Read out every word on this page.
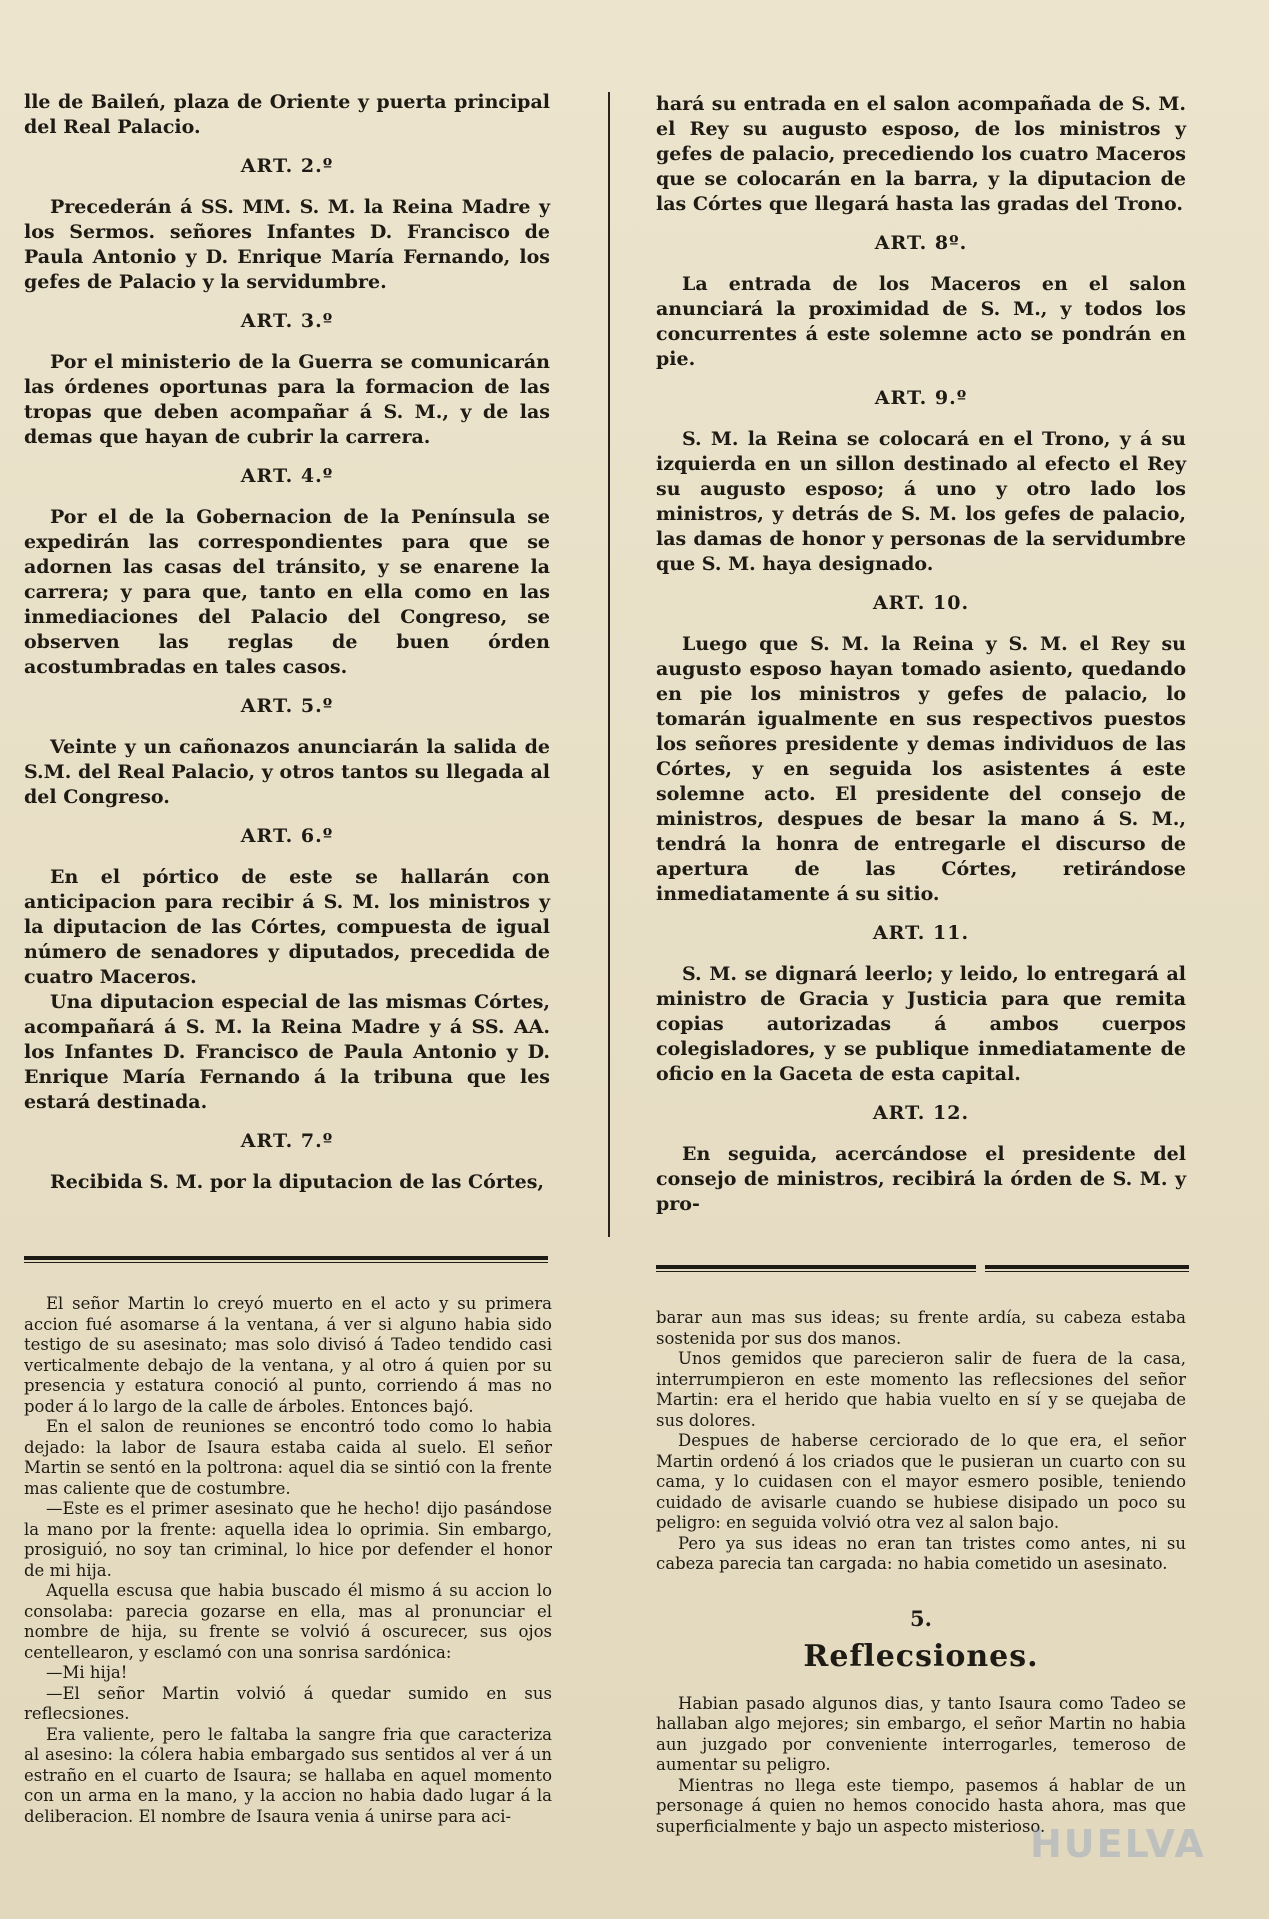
lle de Baileń, plaza de Oriente y puerta principal del Real Palacio.

ART. 2.º

Precederán á SS. MM. S. M. la Reina Madre y los Sermos. señores Infantes D. Francisco de Paula Antonio y D. Enrique María Fernando, los gefes de Palacio y la servidumbre.

ART. 3.º

Por el ministerio de la Guerra se comunicarán las órdenes oportunas para la formacion de las tropas que deben acompañar á S. M., y de las demas que hayan de cubrir la carrera.

ART. 4.º

Por el de la Gobernacion de la Península se expedirán las correspondientes para que se adornen las casas del tránsito, y se enarene la carrera; y para que, tanto en ella como en las inmediaciones del Palacio del Congreso, se observen las reglas de buen órden acostumbradas en tales casos.

ART. 5.º

Veinte y un cañonazos anunciarán la salida de S.M. del Real Palacio, y otros tantos su llegada al del Congreso.

ART. 6.º

En el pórtico de este se hallarán con anticipacion para recibir á S. M. los ministros y la diputacion de las Córtes, compuesta de igual número de senadores y diputados, precedida de cuatro Maceros.

Una diputacion especial de las mismas Córtes, acompañará á S. M. la Reina Madre y á SS. AA. los Infantes D. Francisco de Paula Antonio y D. Enrique María Fernando á la tribuna que les estará destinada.

ART. 7.º

Recibida S. M. por la diputacion de las Córtes,

hará su entrada en el salon acompañada de S. M. el Rey su augusto esposo, de los ministros y gefes de palacio, precediendo los cuatro Maceros que se colocarán en la barra, y la diputacion de las Córtes que llegará hasta las gradas del Trono.

ART. 8º.

La entrada de los Maceros en el salon anunciará la proximidad de S. M., y todos los concurrentes á este solemne acto se pondrán en pie.

ART. 9.º

S. M. la Reina se colocará en el Trono, y á su izquierda en un sillon destinado al efecto el Rey su augusto esposo; á uno y otro lado los ministros, y detrás de S. M. los gefes de palacio, las damas de honor y personas de la servidumbre que S. M. haya designado.

ART. 10.

Luego que S. M. la Reina y S. M. el Rey su augusto esposo hayan tomado asiento, quedando en pie los ministros y gefes de palacio, lo tomarán igualmente en sus respectivos puestos los señores presidente y demas individuos de las Córtes, y en seguida los asistentes á este solemne acto. El presidente del consejo de ministros, despues de besar la mano á S. M., tendrá la honra de entregarle el discurso de apertura de las Córtes, retirándose inmediatamente á su sitio.

ART. 11.

S. M. se dignará leerlo; y leido, lo entregará al ministro de Gracia y Justicia para que remita copias autorizadas á ambos cuerpos colegisladores, y se publique inmediatamente de oficio en la Gaceta de esta capital.

ART. 12.

En seguida, acercándose el presidente del consejo de ministros, recibirá la órden de S. M. y pro-

El señor Martin lo creyó muerto en el acto y su primera accion fué asomarse á la ventana, á ver si alguno habia sido testigo de su asesinato; mas solo divisó á Tadeo tendido casi verticalmente debajo de la ventana, y al otro á quien por su presencia y estatura conoció al punto, corriendo á mas no poder á lo largo de la calle de árboles. Entonces bajó.

En el salon de reuniones se encontró todo como lo habia dejado: la labor de Isaura estaba caida al suelo. El señor Martin se sentó en la poltrona: aquel dia se sintió con la frente mas caliente que de costumbre.

—Este es el primer asesinato que he hecho! dijo pasándose la mano por la frente: aquella idea lo oprimia. Sin embargo, prosiguió, no soy tan criminal, lo hice por defender el honor de mi hija.

Aquella escusa que habia buscado él mismo á su accion lo consolaba: parecia gozarse en ella, mas al pronunciar el nombre de hija, su frente se volvió á oscurecer, sus ojos centellearon, y esclamó con una sonrisa sardónica:

—Mi hija!

—El señor Martin volvió á quedar sumido en sus reflecsiones.

Era valiente, pero le faltaba la sangre fria que caracteriza al asesino: la cólera habia embargado sus sentidos al ver á un estraño en el cuarto de Isaura; se hallaba en aquel momento con un arma en la mano, y la accion no habia dado lugar á la deliberacion. El nombre de Isaura venia á unirse para aci-

barar aun mas sus ideas; su frente ardía, su cabeza estaba sostenida por sus dos manos.

Unos gemidos que parecieron salir de fuera de la casa, interrumpieron en este momento las reflecsiones del señor Martin: era el herido que habia vuelto en sí y se quejaba de sus dolores.

Despues de haberse cerciorado de lo que era, el señor Martin ordenó á los criados que le pusieran un cuarto con su cama, y lo cuidasen con el mayor esmero posible, teniendo cuidado de avisarle cuando se hubiese disipado un poco su peligro: en seguida volvió otra vez al salon bajo.

Pero ya sus ideas no eran tan tristes como antes, ni su cabeza parecia tan cargada: no habia cometido un asesinato.

5.
Reflecsiones.

Habian pasado algunos dias, y tanto Isaura como Tadeo se hallaban algo mejores; sin embargo, el señor Martin no habia aun juzgado por conveniente interrogarles, temeroso de aumentar su peligro.

Mientras no llega este tiempo, pasemos á hablar de un personage á quien no hemos conocido hasta ahora, mas que superficialmente y bajo un aspecto misterioso.

HUELVA
